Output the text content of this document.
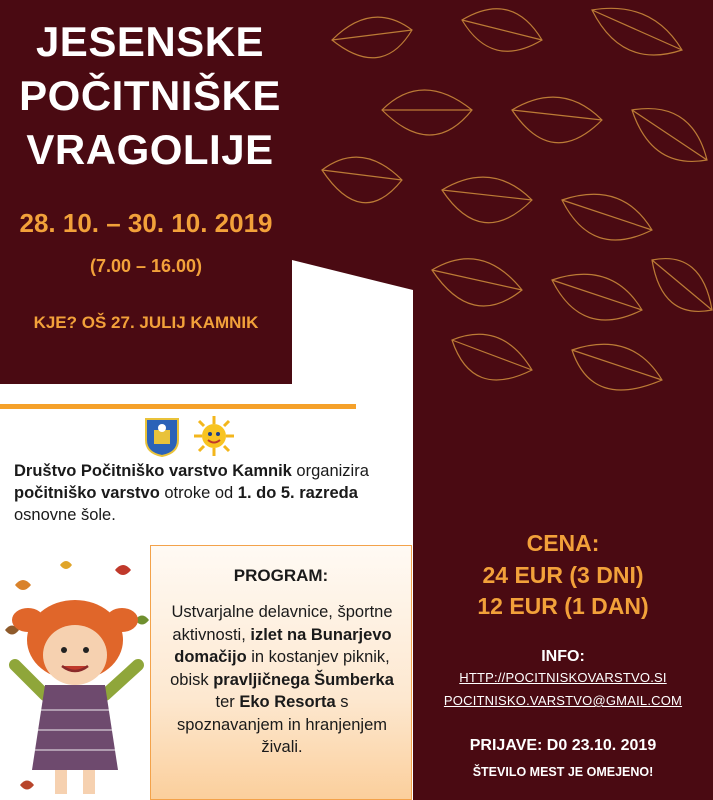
JESENSKE
POČITNIŠKE
VRAGOLIJE
28. 10. – 30. 10. 2019
(7.00 – 16.00)
KJE? OŠ 27. JULIJ KAMNIK
Društvo Počitniško varstvo Kamnik organizira počitniško varstvo otroke od 1. do 5. razreda osnovne šole.
PROGRAM:
Ustvarjalne delavnice, športne aktivnosti, izlet na Bunarjevo domačijo in kostanjev piknik, obisk pravljičnega Šumberka ter Eko Resorta s spoznavanjem in hranjenjem živali.
CENA:
24 EUR (3 DNI)
12 EUR (1 DAN)
INFO:
HTTP://POCITNISKOVARSTVO.SI
POCITNISKO.VARSTVO@GMAIL.COM
PRIJAVE: D0 23.10. 2019
ŠTEVILO MEST JE OMEJENO!
